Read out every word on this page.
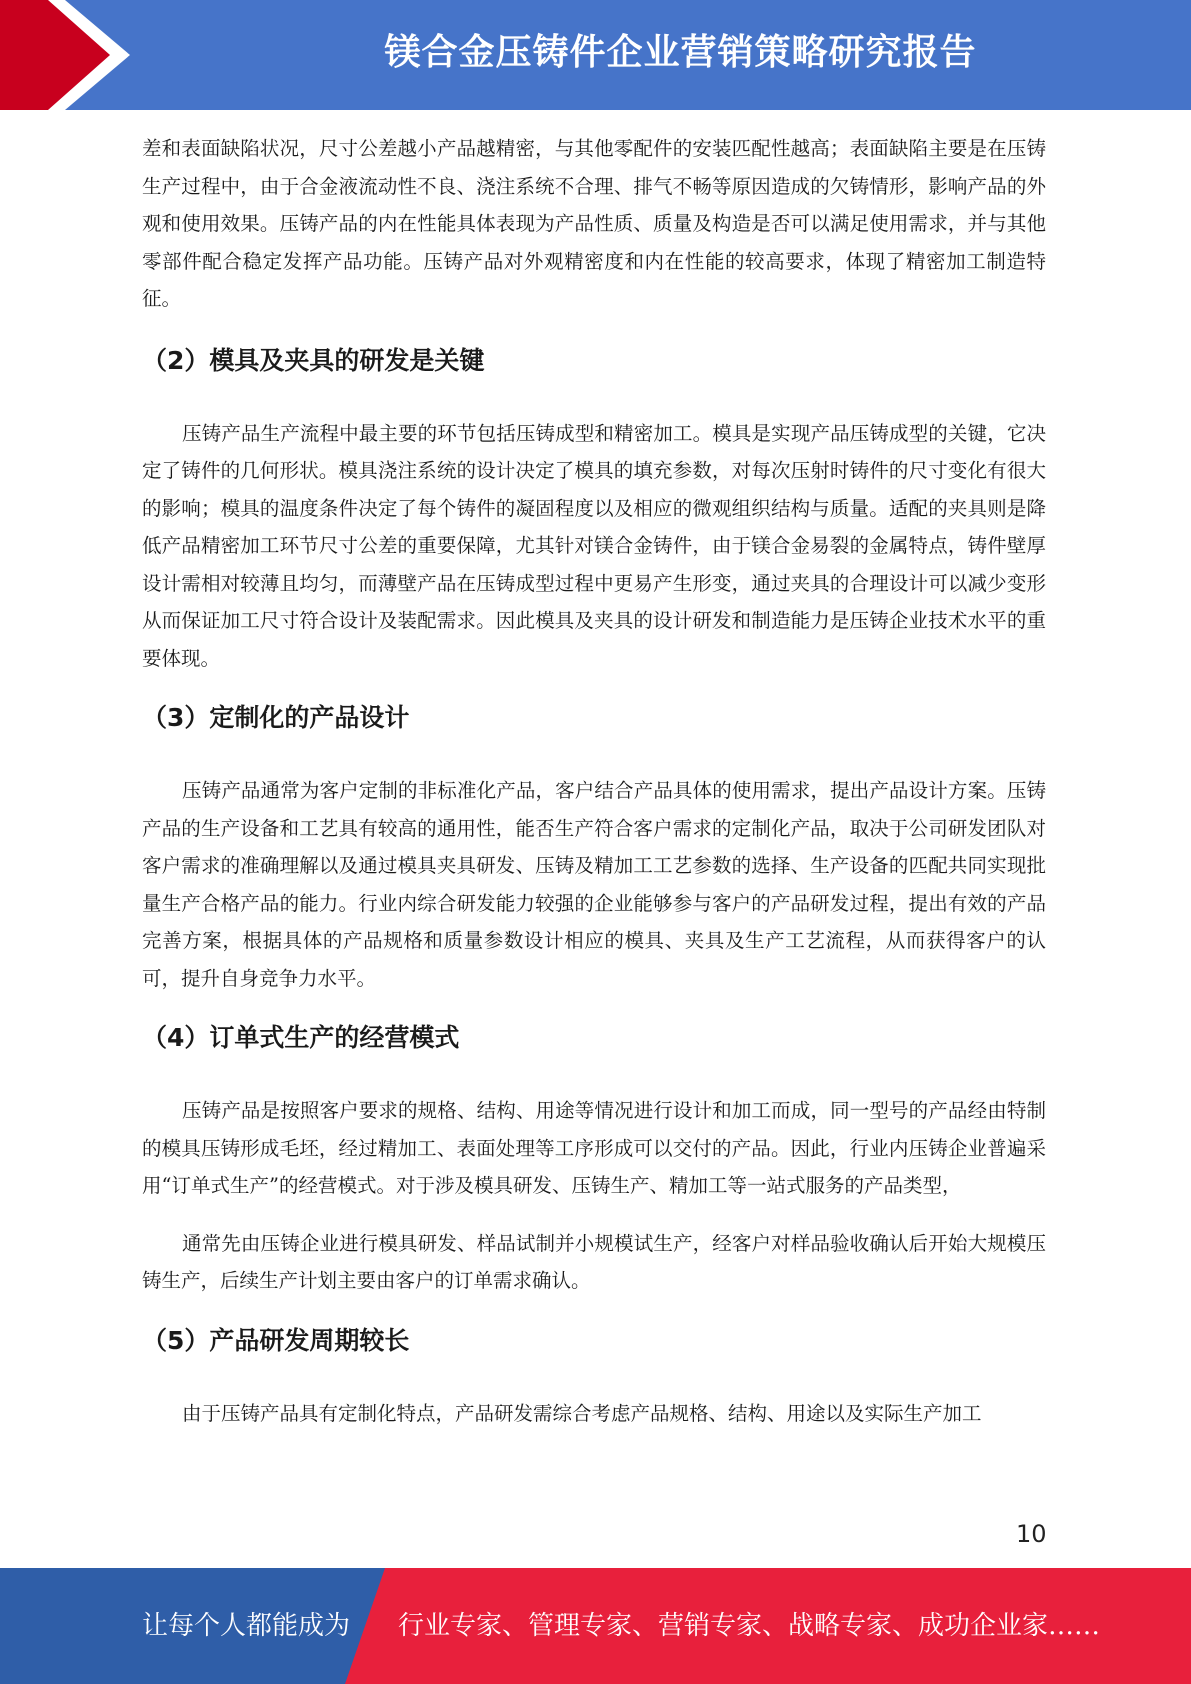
镁合金压铸件企业营销策略研究报告

差和表面缺陷状况，尺寸公差越小产品越精密，与其他零配件的安装匹配性越高；表面缺陷主要是在压铸生产过程中，由于合金液流动性不良、浇注系统不合理、排气不畅等原因造成的欠铸情形，影响产品的外观和使用效果。压铸产品的内在性能具体表现为产品性质、质量及构造是否可以满足使用需求，并与其他零部件配合稳定发挥产品功能。压铸产品对外观精密度和内在性能的较高要求，体现了精密加工制造特征。

（2）模具及夹具的研发是关键

压铸产品生产流程中最主要的环节包括压铸成型和精密加工。模具是实现产品压铸成型的关键，它决定了铸件的几何形状。模具浇注系统的设计决定了模具的填充参数，对每次压射时铸件的尺寸变化有很大的影响；模具的温度条件决定了每个铸件的凝固程度以及相应的微观组织结构与质量。适配的夹具则是降低产品精密加工环节尺寸公差的重要保障，尤其针对镁合金铸件，由于镁合金易裂的金属特点，铸件壁厚设计需相对较薄且均匀，而薄壁产品在压铸成型过程中更易产生形变，通过夹具的合理设计可以减少变形从而保证加工尺寸符合设计及装配需求。因此模具及夹具的设计研发和制造能力是压铸企业技术水平的重要体现。

（3）定制化的产品设计

压铸产品通常为客户定制的非标准化产品，客户结合产品具体的使用需求，提出产品设计方案。压铸产品的生产设备和工艺具有较高的通用性，能否生产符合客户需求的定制化产品，取决于公司研发团队对客户需求的准确理解以及通过模具夹具研发、压铸及精加工工艺参数的选择、生产设备的匹配共同实现批量生产合格产品的能力。行业内综合研发能力较强的企业能够参与客户的产品研发过程，提出有效的产品完善方案，根据具体的产品规格和质量参数设计相应的模具、夹具及生产工艺流程，从而获得客户的认可，提升自身竞争力水平。

（4）订单式生产的经营模式

压铸产品是按照客户要求的规格、结构、用途等情况进行设计和加工而成，同一型号的产品经由特制的模具压铸形成毛坯，经过精加工、表面处理等工序形成可以交付的产品。因此，行业内压铸企业普遍采用“订单式生产”的经营模式。对于涉及模具研发、压铸生产、精加工等一站式服务的产品类型，

通常先由压铸企业进行模具研发、样品试制并小规模试生产，经客户对样品验收确认后开始大规模压铸生产，后续生产计划主要由客户的订单需求确认。

（5）产品研发周期较长

由于压铸产品具有定制化特点，产品研发需综合考虑产品规格、结构、用途以及实际生产加工

10
让每个人都能成为 行业专家、管理专家、营销专家、战略专家、成功企业家……
